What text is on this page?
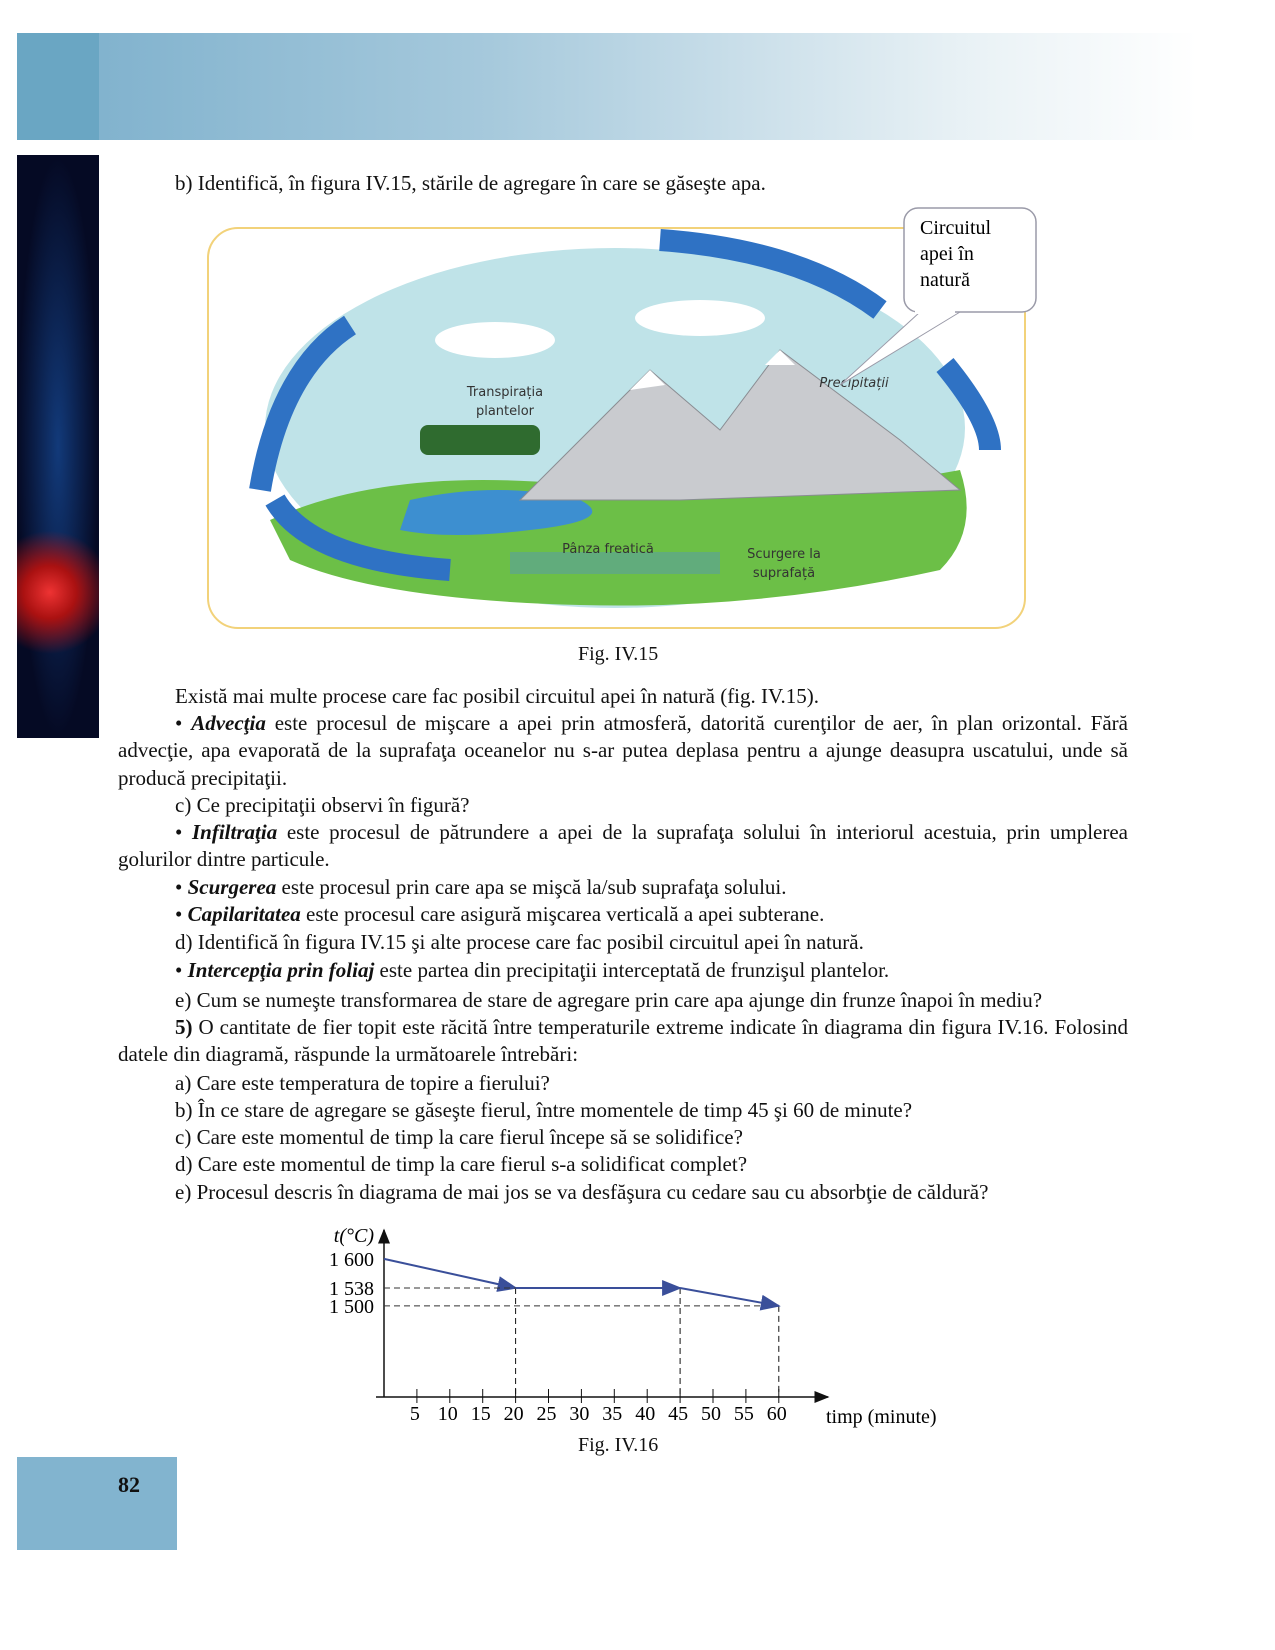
82
b) Identifică, în figura IV.15, stările de agregare în care se găseşte apa.
Transpirația
plantelor
Precipitații
Pânza freatică	Scurgere la
suprafață
Circuitul
apei în
natură
Fig. IV.15
Există mai multe procese care fac posibil circuitul apei în natură (fig. IV.15).
• Advecţia este procesul de mişcare a apei prin atmosferă, datorită curenţilor de aer, în plan orizontal. Fără advecţie, apa evaporată de la suprafaţa oceanelor nu s-ar putea deplasa pentru a ajunge deasupra uscatului, unde să producă precipitaţii.
c) Ce precipitaţii observi în figură?
• Infiltraţia este procesul de pătrundere a apei de la suprafaţa solului în interiorul acestuia, prin umplerea golurilor dintre particule.
• Scurgerea este procesul prin care apa se mişcă la/sub suprafaţa solului.
• Capilaritatea este procesul care asigură mişcarea verticală a apei subterane.
d) Identifică în figura IV.15 şi alte procese care fac posibil circuitul apei în natură.
• Intercepţia prin foliaj este partea din precipitaţii interceptată de frunzişul plantelor.
e) Cum se numeşte transformarea de stare de agregare prin care apa ajunge din frunze înapoi în mediu?
5) O cantitate de fier topit este răcită între temperaturile extreme indicate în diagrama din figura IV.16. Folosind datele din diagramă, răspunde la următoarele întrebări:
a) Care este temperatura de topire a fierului?
b) În ce stare de agregare se găseşte fierul, între momentele de timp 45 şi 60 de minute?
c) Care este momentul de timp la care fierul începe să se solidifice?
d) Care este momentul de timp la care fierul s-a solidificat complet?
e) Procesul descris în diagrama de mai jos se va desfăşura cu cedare sau cu absorbţie de căldură?
t(°C)
timp (minute)
1 600
1 538
1 500
5 10 15 20 25 30 35 40 45 50 55 60
Fig. IV.16
